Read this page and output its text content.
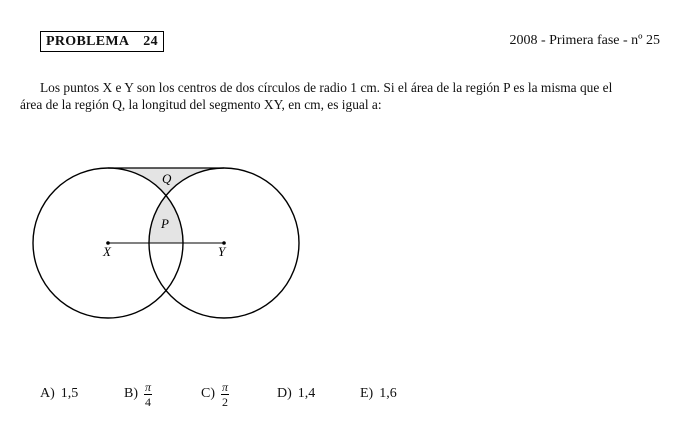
PROBLEMA 24	2008 - Primera fase - nº 25
Los puntos X e Y son los centros de dos círculos de radio 1 cm. Si el área de la región P es la misma que el
área de la región Q, la longitud del segmento XY, en cm, es igual a:
X	Y
P
Q
A) 1,5	$B) \frac{\pi}{4}$	$C) \frac{\pi}{2}$	D) 1,4	E) 1,6
